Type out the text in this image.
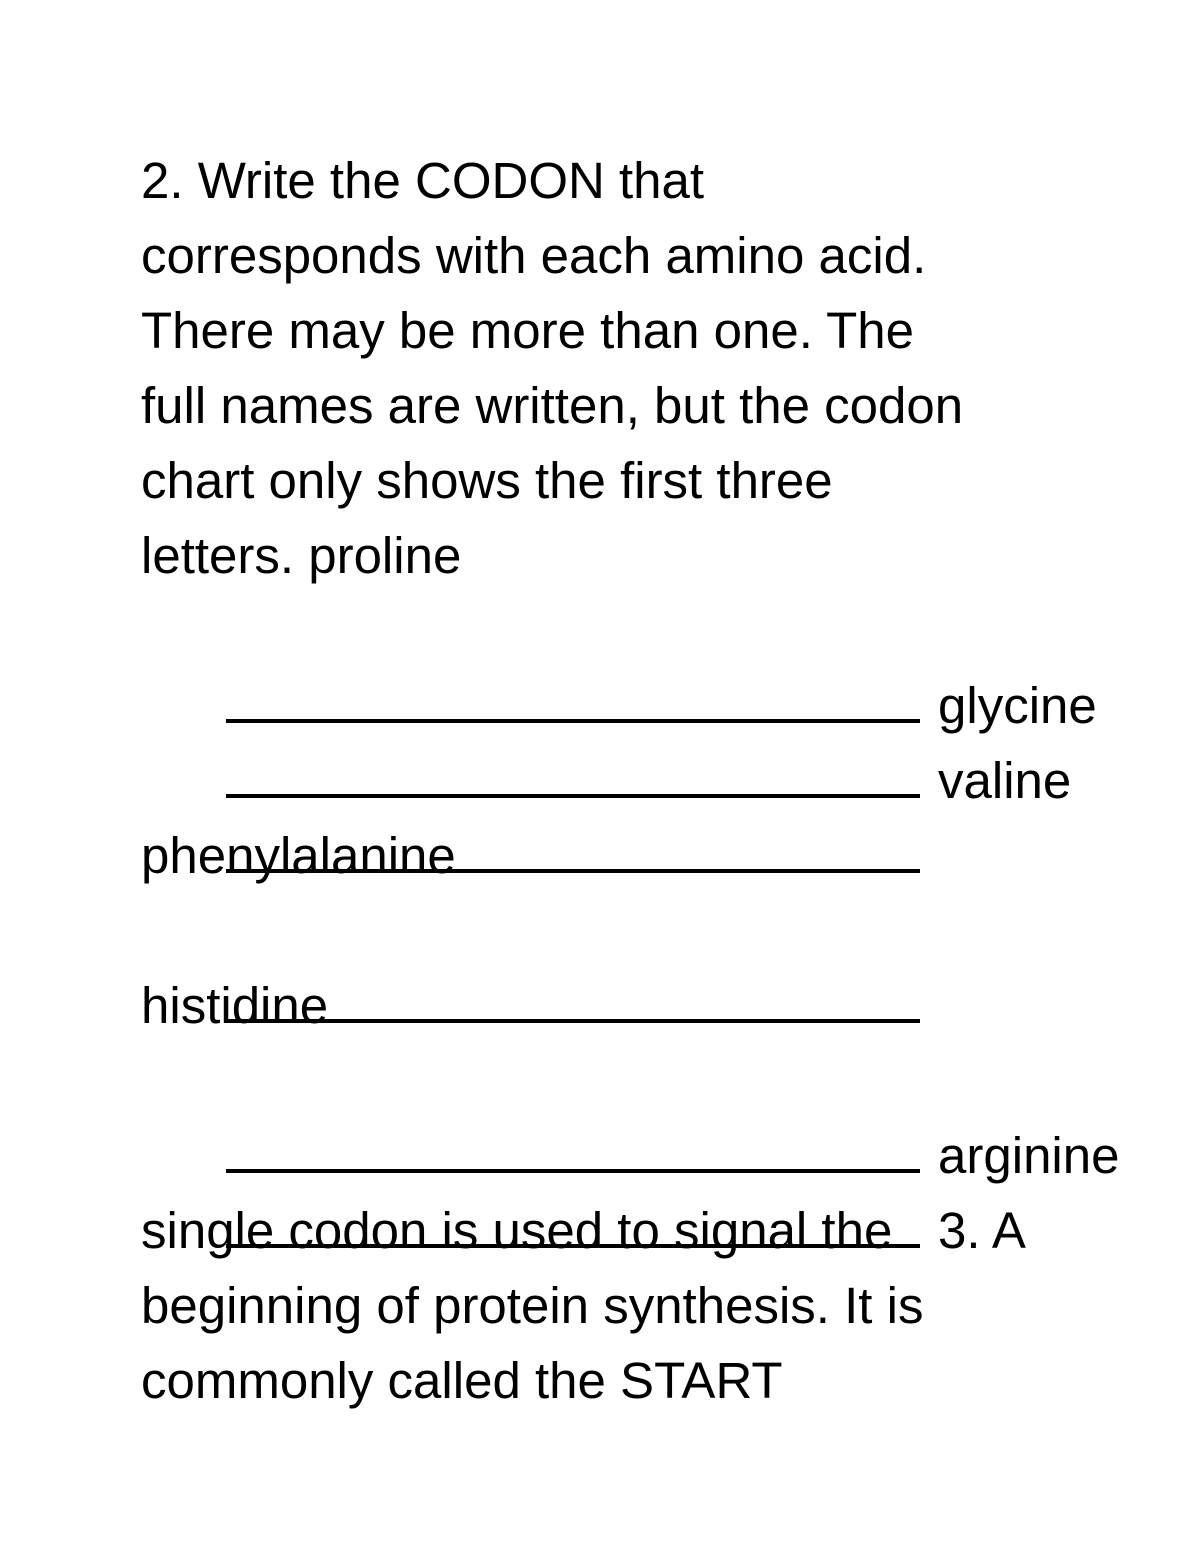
2. Write the CODON that
corresponds with each amino acid.
There may be more than one. The
full names are written, but the codon
chart only shows the first three
letters. proline

glycine

valine

phenylalanine

histidine

arginine

3. A

single codon is used to signal the
beginning of protein synthesis. It is
commonly called the START
